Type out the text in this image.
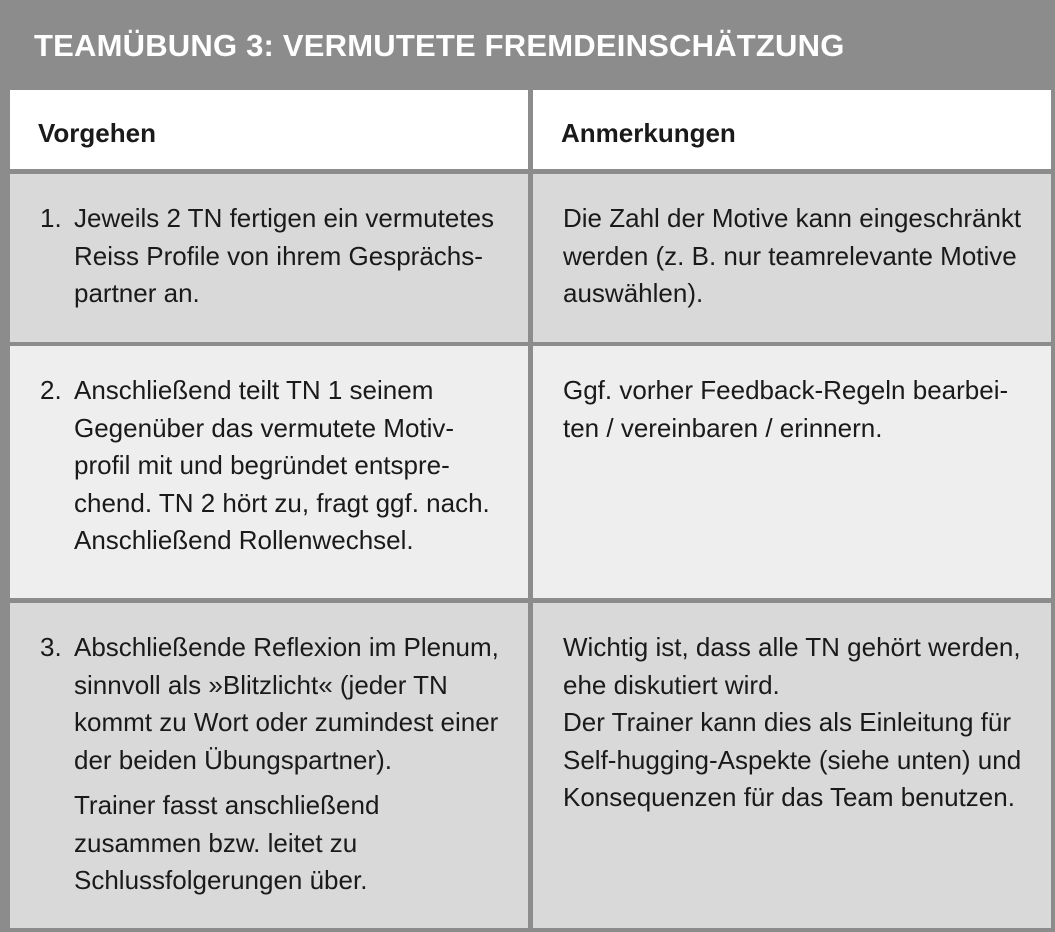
TEAMÜBUNG 3: VERMUTETE FREMDEINSCHÄTZUNG
Vorgehen	Anmerkungen
1. Jeweils 2 TN fertigen ein vermutetes Reiss Profile von ihrem Gesprächs-partner an.

Die Zahl der Motive kann eingeschränkt werden (z. B. nur teamrelevante Motive auswählen).

2. Anschließend teilt TN 1 seinem Gegenüber das vermutete Motiv-profil mit und begründet entspre-chend. TN 2 hört zu, fragt ggf. nach. Anschließend Rollenwechsel.

Ggf. vorher Feedback-Regeln bearbei-ten / vereinbaren / erinnern.

3. Abschließende Reflexion im Plenum, sinnvoll als »Blitzlicht« (jeder TN kommt zu Wort oder zumindest einer der beiden Übungspartner).

Trainer fasst anschließend zusammen bzw. leitet zu Schlussfolgerungen über.

Wichtig ist, dass alle TN gehört werden, ehe diskutiert wird.

Der Trainer kann dies als Einleitung für Self-hugging-Aspekte (siehe unten) und Konsequenzen für das Team benutzen.
